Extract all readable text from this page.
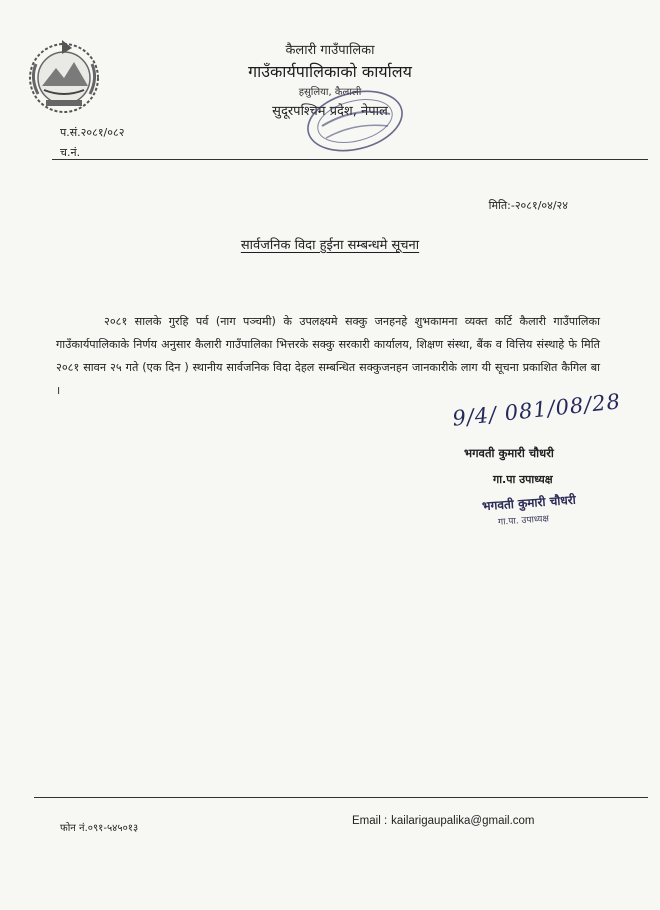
कैलारी गाउँपालिका
गाउँकार्यपालिकाको कार्यालय
हसुलिया, कैलाली
सुदूरपश्चिम प्रदेश, नेपाल
प.सं.२०८१/०८२
च.नं.
मिति:-२०८१/०४/२४
सार्वजनिक विदा हुईना सम्बन्धमे सूचना
२०८१ सालके गुरहि पर्व (नाग पञ्चमी) के उपलक्ष्यमे सक्कु जनहनहे शुभकामना व्यक्त कर्टि कैलारी गाउँपालिका गाउँकार्यपालिकाके निर्णय अनुसार कैलारी गाउँपालिका भित्तरके सक्कु सरकारी कार्यालय, शिक्षण संस्था, बैंक व वित्तिय संस्थाहे फे मिति २०८१ सावन २५ गते (एक दिन ) स्थानीय सार्वजनिक विदा देहल सम्बन्धित सक्कुजनहन जानकारीके लाग यी सूचना प्रकाशित कैगिल बा ।	9/4/ 081/08/28
भगवती कुमारी चौधरी
गा.पा उपाध्यक्ष
भगवती कुमारी चौधरी
गा.पा. उपाध्यक्ष
फोन नं.०९१-५४५०१३
Email : kailarigaupalika@gmail.com
